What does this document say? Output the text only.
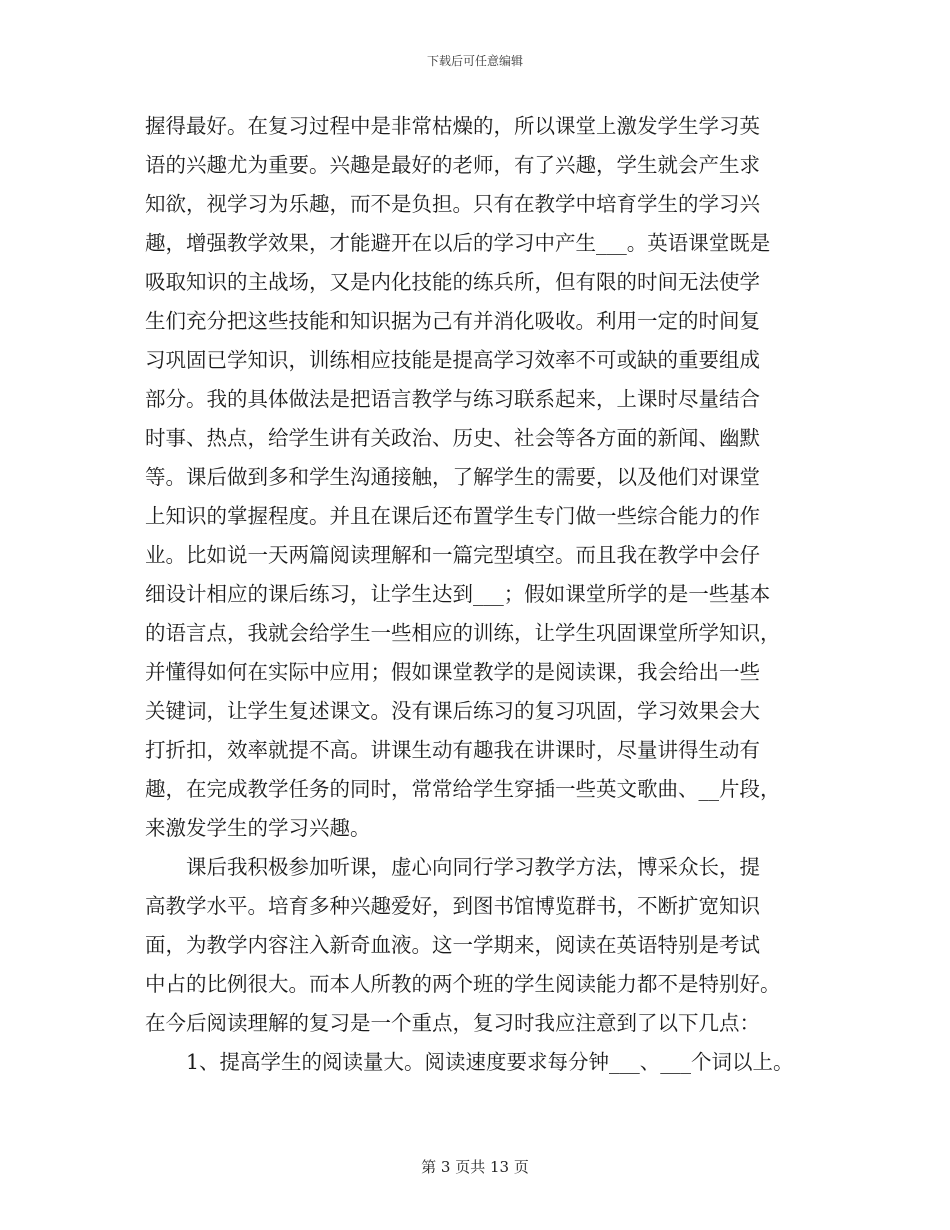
下载后可任意编辑
握得最好。在复习过程中是非常枯燥的，所以课堂上激发学生学习英
语的兴趣尤为重要。兴趣是最好的老师，有了兴趣，学生就会产生求
知欲，视学习为乐趣，而不是负担。只有在教学中培育学生的学习兴
趣，增强教学效果，才能避开在以后的学习中产生___。英语课堂既是
吸取知识的主战场，又是内化技能的练兵所，但有限的时间无法使学
生们充分把这些技能和知识据为己有并消化吸收。利用一定的时间复
习巩固已学知识，训练相应技能是提高学习效率不可或缺的重要组成
部分。我的具体做法是把语言教学与练习联系起来，上课时尽量结合
时事、热点，给学生讲有关政治、历史、社会等各方面的新闻、幽默
等。课后做到多和学生沟通接触，了解学生的需要，以及他们对课堂
上知识的掌握程度。并且在课后还布置学生专门做一些综合能力的作
业。比如说一天两篇阅读理解和一篇完型填空。而且我在教学中会仔
细设计相应的课后练习，让学生达到___；假如课堂所学的是一些基本
的语言点，我就会给学生一些相应的训练，让学生巩固课堂所学知识，
并懂得如何在实际中应用；假如课堂教学的是阅读课，我会给出一些
关键词，让学生复述课文。没有课后练习的复习巩固，学习效果会大
打折扣，效率就提不高。讲课生动有趣我在讲课时，尽量讲得生动有
趣，在完成教学任务的同时，常常给学生穿插一些英文歌曲、__片段，
来激发学生的学习兴趣。
课后我积极参加听课，虚心向同行学习教学方法，博采众长，提
高教学水平。培育多种兴趣爱好，到图书馆博览群书，不断扩宽知识
面，为教学内容注入新奇血液。这一学期来，阅读在英语特别是考试
中占的比例很大。而本人所教的两个班的学生阅读能力都不是特别好。
在今后阅读理解的复习是一个重点，复习时我应注意到了以下几点：
1、提高学生的阅读量大。阅读速度要求每分钟___、___个词以上。
第 3 页共 13 页
